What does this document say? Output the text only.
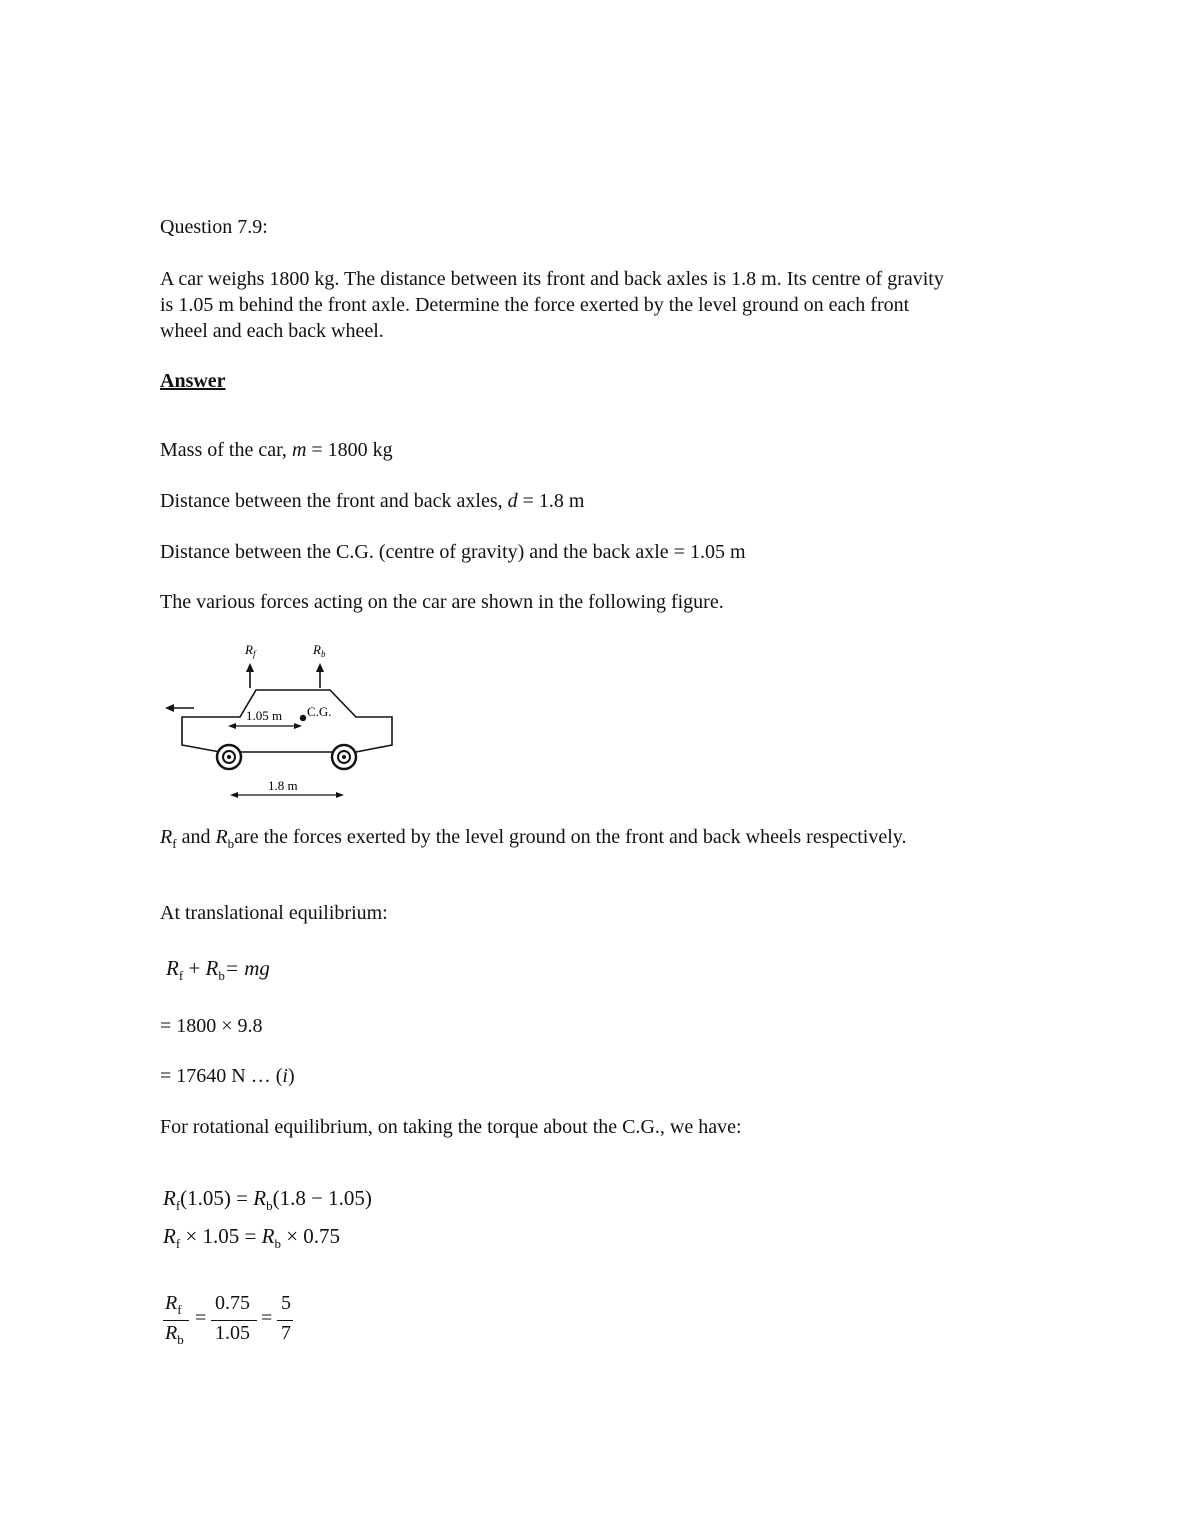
Question 7.9:
A car weighs 1800 kg. The distance between its front and back axles is 1.8 m. Its centre of gravity is 1.05 m behind the front axle. Determine the force exerted by the level ground on each front wheel and each back wheel.
Answer
Mass of the car, m = 1800 kg
Distance between the front and back axles, d = 1.8 m
Distance between the C.G. (centre of gravity) and the back axle = 1.05 m
The various forces acting on the car are shown in the following figure.
$R_f$	$R_b$
1.05 m C.G.
1.8 m
$R_f$ and $R_bare$ the forces exerted by the level ground on the front and back wheels respectively.
At translational equilibrium:
$R_f + R_b=$ mg
= 1800 × 9.8
= 17640 N … (i)
For rotational equilibrium, on taking the torque about the C.G., we have:
$R_f(1.05) = R_b(1.8 - 1.05)$
$R_f \times 1.05 = R_b \times 0.75$
$R_f$
$R_b$
=
0.75
1.05
=
5
7
